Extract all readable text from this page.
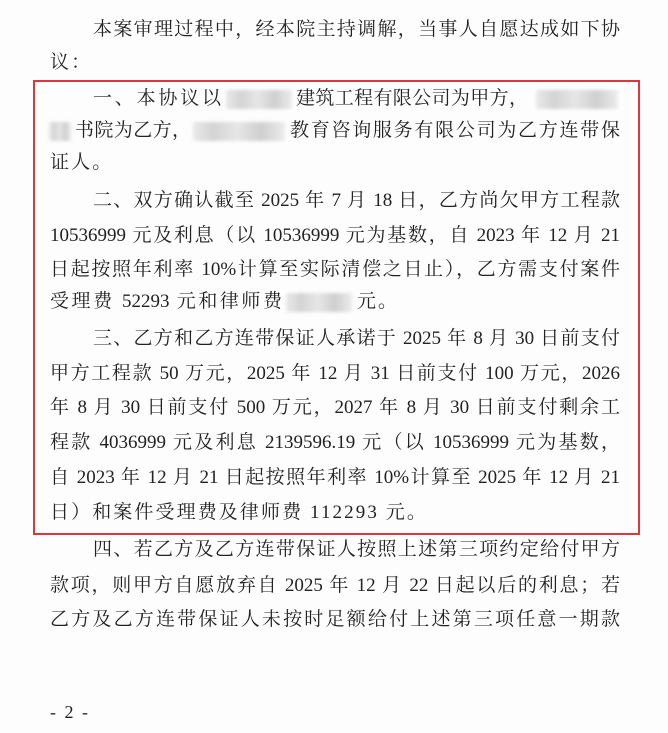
本案审理过程中，经本院主持调解，当事人自愿达成如下协
议：
一、本协议以	建筑工程有限公司为甲方，
书院为乙方，	教育咨询服务有限公司为乙方连带保
证人。
二、双方确认截至 2025 年 7 月 18 日，乙方尚欠甲方工程款
10536999 元及利息（以 10536999 元为基数，自 2023 年 12 月 21
日起按照年利率 10%计算至实际清偿之日止），乙方需支付案件
受理费 52293 元和律师费	元。
三、乙方和乙方连带保证人承诺于 2025 年 8 月 30 日前支付
甲方工程款 50 万元，2025 年 12 月 31 日前支付 100 万元，2026
年 8 月 30 日前支付 500 万元，2027 年 8 月 30 日前支付剩余工
程款 4036999 元及利息 2139596.19 元（以 10536999 元为基数，
自 2023 年 12 月 21 日起按照年利率 10%计算至 2025 年 12 月 21
日）和案件受理费及律师费 112293 元。
四、若乙方及乙方连带保证人按照上述第三项约定给付甲方
款项，则甲方自愿放弃自 2025 年 12 月 22 日起以后的利息；若
乙方及乙方连带保证人未按时足额给付上述第三项任意一期款
- 2 -
